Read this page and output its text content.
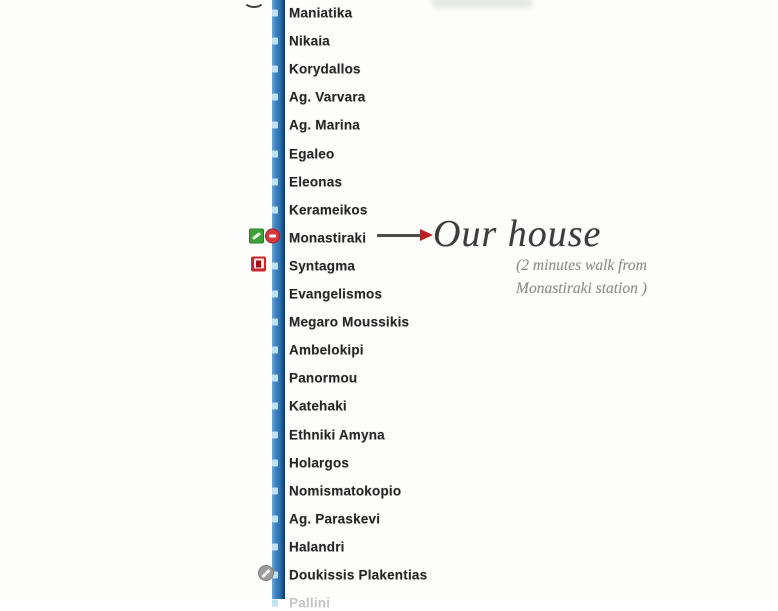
Maniatika
Nikaia
Korydallos
Ag. Varvara
Ag. Marina
Egaleo
Eleonas
Kerameikos
Monastiraki
Syntagma
Evangelismos
Megaro Moussikis
Ambelokipi
Panormou
Katehaki
Ethniki Amyna
Holargos
Nomismatokopio
Ag. Paraskevi
Halandri
Doukissis Plakentias
Pallini
Our house
(2 minutes walk from
Monastiraki station )
